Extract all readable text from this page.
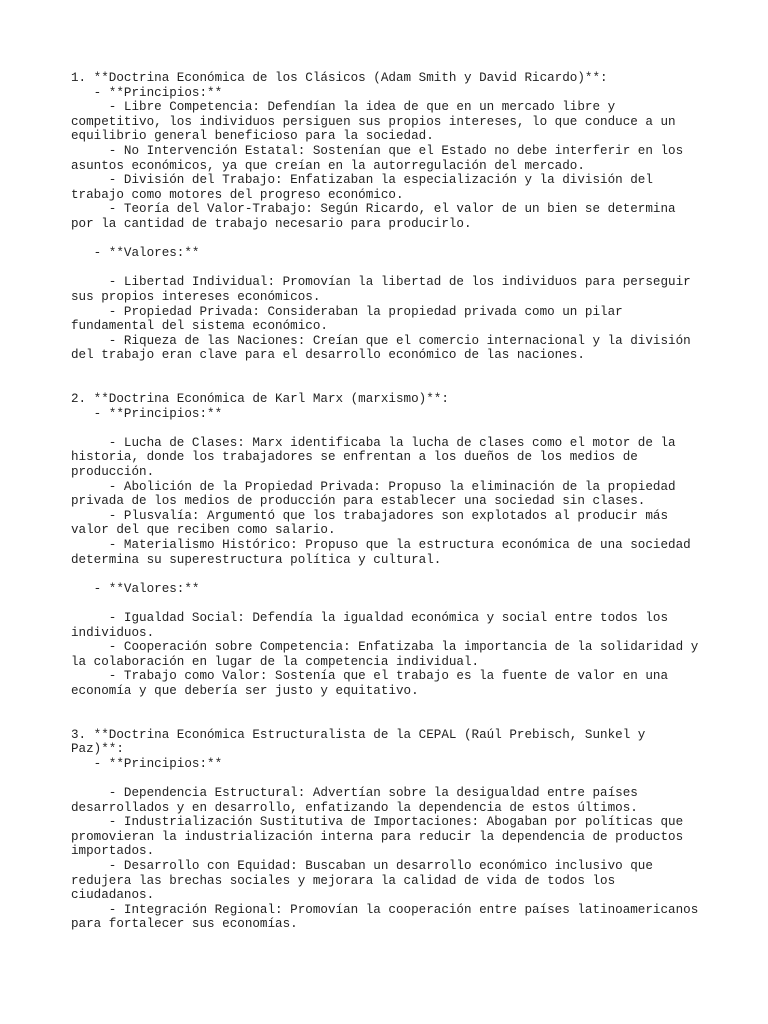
1. **Doctrina Económica de los Clásicos (Adam Smith y David Ricardo)**:
- **Principios:**
- Libre Competencia: Defendían la idea de que en un mercado libre y
competitivo, los individuos persiguen sus propios intereses, lo que conduce a un
equilibrio general beneficioso para la sociedad.
- No Intervención Estatal: Sostenían que el Estado no debe interferir en los
asuntos económicos, ya que creían en la autorregulación del mercado.
- División del Trabajo: Enfatizaban la especialización y la división del
trabajo como motores del progreso económico.
- Teoría del Valor-Trabajo: Según Ricardo, el valor de un bien se determina
por la cantidad de trabajo necesario para producirlo.
- **Valores:**
- Libertad Individual: Promovían la libertad de los individuos para perseguir
sus propios intereses económicos.
- Propiedad Privada: Consideraban la propiedad privada como un pilar
fundamental del sistema económico.
- Riqueza de las Naciones: Creían que el comercio internacional y la división
del trabajo eran clave para el desarrollo económico de las naciones.
2. **Doctrina Económica de Karl Marx (marxismo)**:
- **Principios:**
- Lucha de Clases: Marx identificaba la lucha de clases como el motor de la
historia, donde los trabajadores se enfrentan a los dueños de los medios de
producción.
- Abolición de la Propiedad Privada: Propuso la eliminación de la propiedad
privada de los medios de producción para establecer una sociedad sin clases.
- Plusvalía: Argumentó que los trabajadores son explotados al producir más
valor del que reciben como salario.
- Materialismo Histórico: Propuso que la estructura económica de una sociedad
determina su superestructura política y cultural.
- **Valores:**
- Igualdad Social: Defendía la igualdad económica y social entre todos los
individuos.
- Cooperación sobre Competencia: Enfatizaba la importancia de la solidaridad y
la colaboración en lugar de la competencia individual.
- Trabajo como Valor: Sostenía que el trabajo es la fuente de valor en una
economía y que debería ser justo y equitativo.
3. **Doctrina Económica Estructuralista de la CEPAL (Raúl Prebisch, Sunkel y
Paz)**:
- **Principios:**
- Dependencia Estructural: Advertían sobre la desigualdad entre países
desarrollados y en desarrollo, enfatizando la dependencia de estos últimos.
- Industrialización Sustitutiva de Importaciones: Abogaban por políticas que
promovieran la industrialización interna para reducir la dependencia de productos
importados.
- Desarrollo con Equidad: Buscaban un desarrollo económico inclusivo que
redujera las brechas sociales y mejorara la calidad de vida de todos los
ciudadanos.
- Integración Regional: Promovían la cooperación entre países latinoamericanos
para fortalecer sus economías.
